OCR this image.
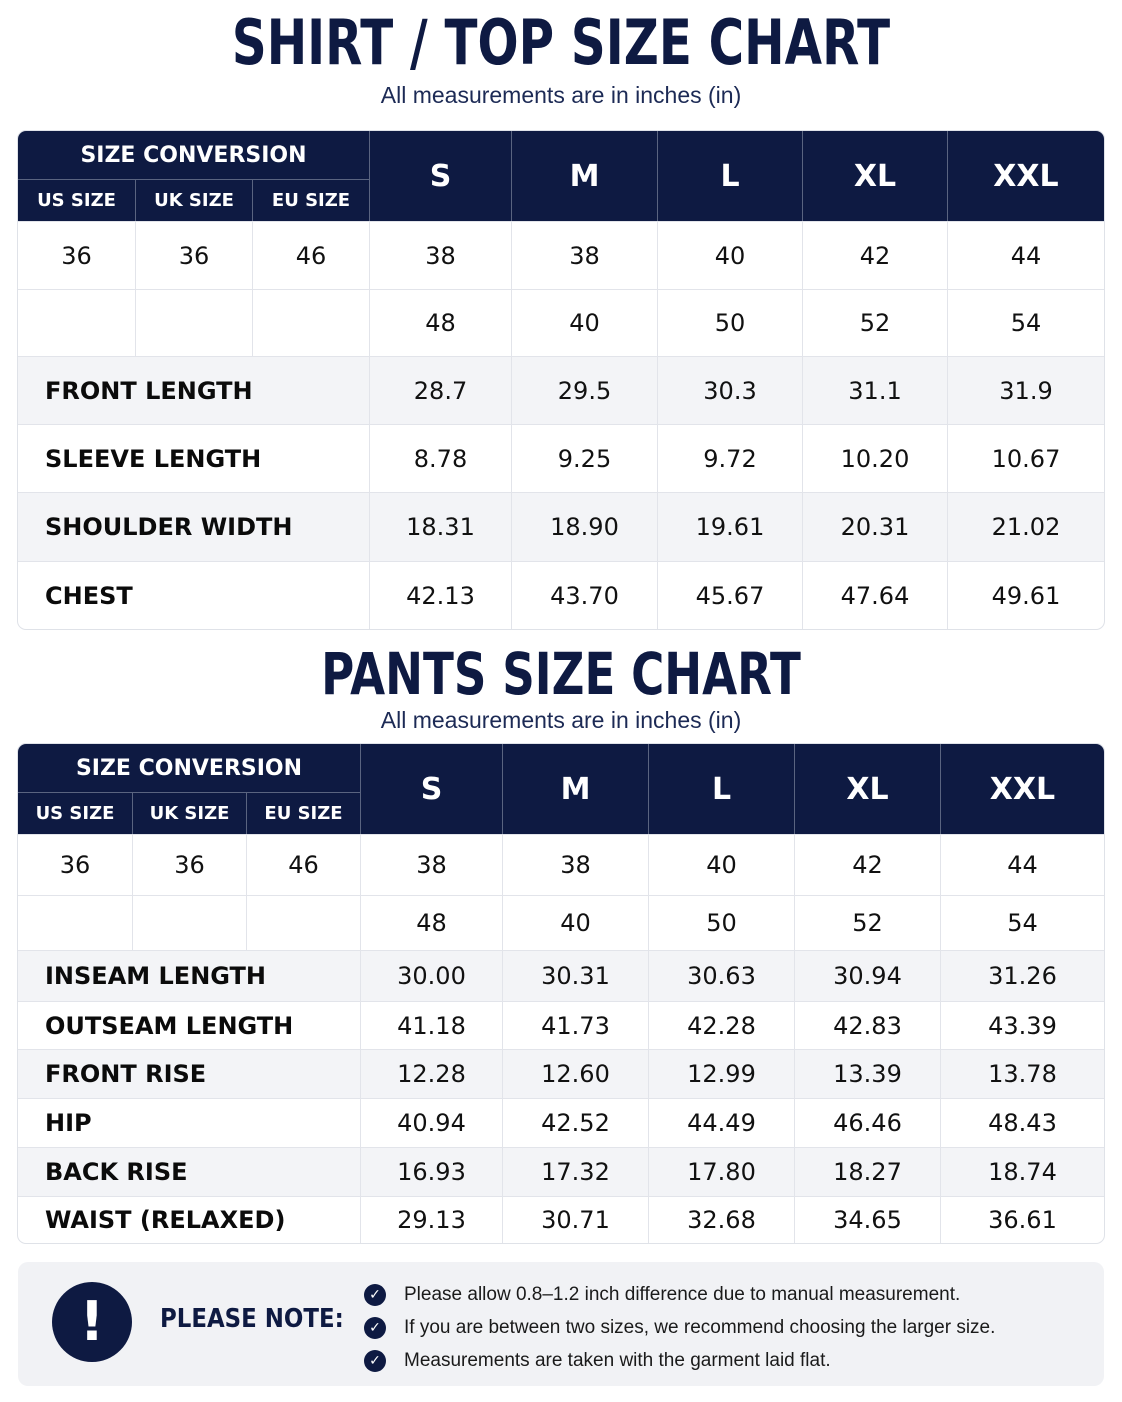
SHIRT / TOP SIZE CHART
All measurements are in inches (in)
SIZE CONVERSION			S	M	L	XL	XXL
US SIZE	UK SIZE	EU SIZE					
36	36	46	38	38	40	42	44
			48	40	50	52	54
FRONT LENGTH			28.7	29.5	30.3	31.1	31.9
SLEEVE LENGTH			8.78	9.25	9.72	10.20	10.67
SHOULDER WIDTH			18.31	18.90	19.61	20.31	21.02
CHEST			42.13	43.70	45.67	47.64	49.61
PANTS SIZE CHART
All measurements are in inches (in)
SIZE CONVERSION			S	M	L	XL	XXL
US SIZE	UK SIZE	EU SIZE					
36	36	46	38	38	40	42	44
			48	40	50	52	54
INSEAM LENGTH			30.00	30.31	30.63	30.94	31.26
OUTSEAM LENGTH			41.18	41.73	42.28	42.83	43.39
FRONT RISE			12.28	12.60	12.99	13.39	13.78
HIP			40.94	42.52	44.49	46.46	48.43
BACK RISE			16.93	17.32	17.80	18.27	18.74
WAIST (RELAXED)			29.13	30.71	32.68	34.65	36.61
!	PLEASE NOTE:
✓ Please allow 0.8–1.2 inch difference due to manual measurement.
✓ If you are between two sizes, we recommend choosing the larger size.
✓ Measurements are taken with the garment laid flat.
